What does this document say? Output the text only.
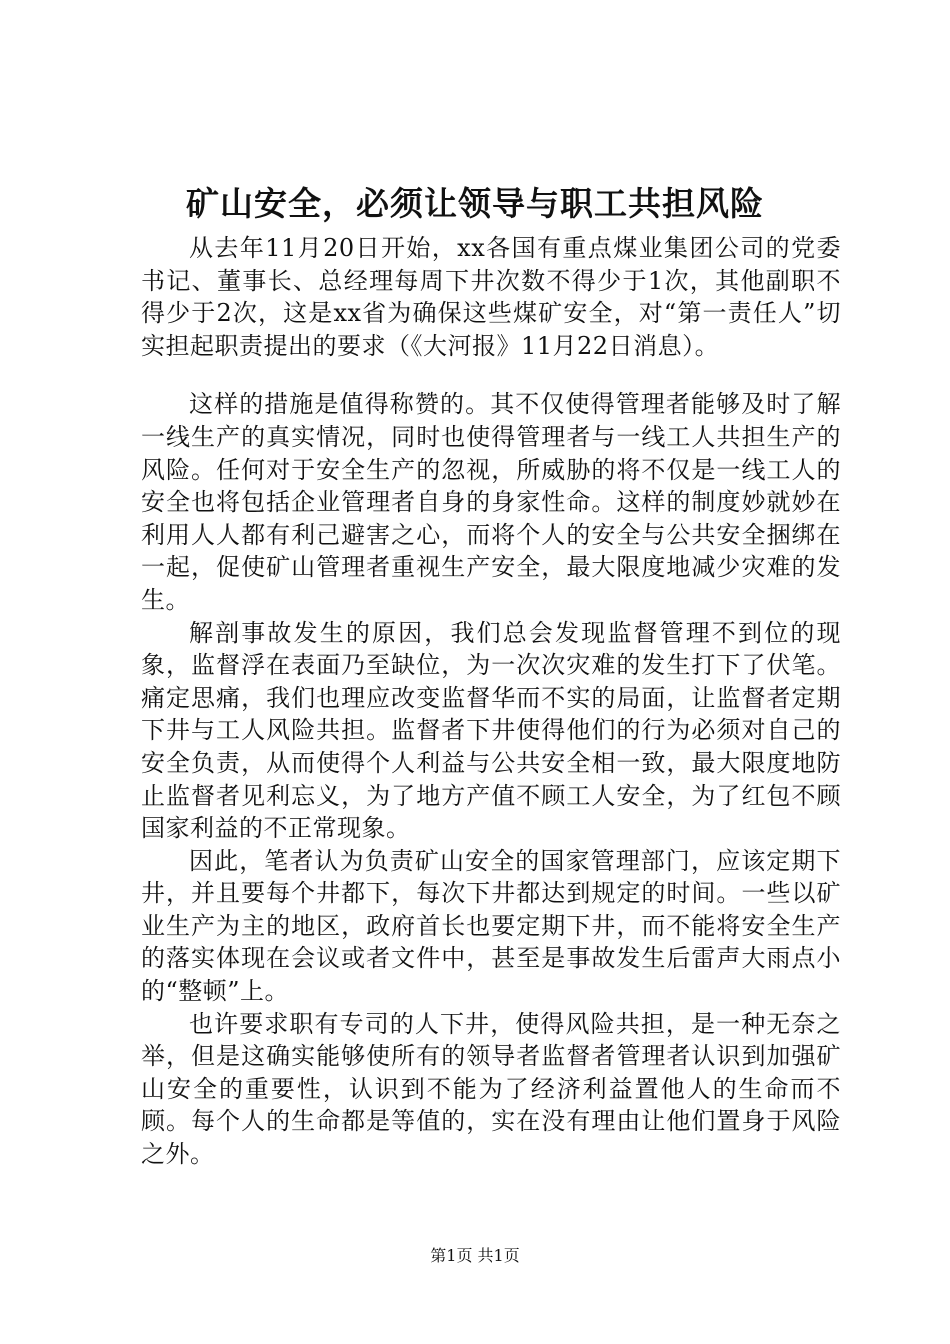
矿山安全，必须让领导与职工共担风险

从去年11月20日开始，xx各国有重点煤业集团公司的党委书记、董事长、总经理每周下井次数不得少于1次，其他副职不得少于2次，这是xx省为确保这些煤矿安全，对“第一责任人”切实担起职责提出的要求（《大河报》11月22日消息）。

这样的措施是值得称赞的。其不仅使得管理者能够及时了解一线生产的真实情况，同时也使得管理者与一线工人共担生产的风险。任何对于安全生产的忽视，所威胁的将不仅是一线工人的安全也将包括企业管理者自身的身家性命。这样的制度妙就妙在利用人人都有利己避害之心，而将个人的安全与公共安全捆绑在一起，促使矿山管理者重视生产安全，最大限度地减少灾难的发生。

解剖事故发生的原因，我们总会发现监督管理不到位的现象，监督浮在表面乃至缺位，为一次次灾难的发生打下了伏笔。痛定思痛，我们也理应改变监督华而不实的局面，让监督者定期下井与工人风险共担。监督者下井使得他们的行为必须对自己的安全负责，从而使得个人利益与公共安全相一致，最大限度地防止监督者见利忘义，为了地方产值不顾工人安全，为了红包不顾国家利益的不正常现象。

因此，笔者认为负责矿山安全的国家管理部门，应该定期下井，并且要每个井都下，每次下井都达到规定的时间。一些以矿业生产为主的地区，政府首长也要定期下井，而不能将安全生产的落实体现在会议或者文件中，甚至是事故发生后雷声大雨点小的“整顿”上。

也许要求职有专司的人下井，使得风险共担，是一种无奈之举，但是这确实能够使所有的领导者监督者管理者认识到加强矿山安全的重要性，认识到不能为了经济利益置他人的生命而不顾。每个人的生命都是等值的，实在没有理由让他们置身于风险之外。

第1页 共1页
